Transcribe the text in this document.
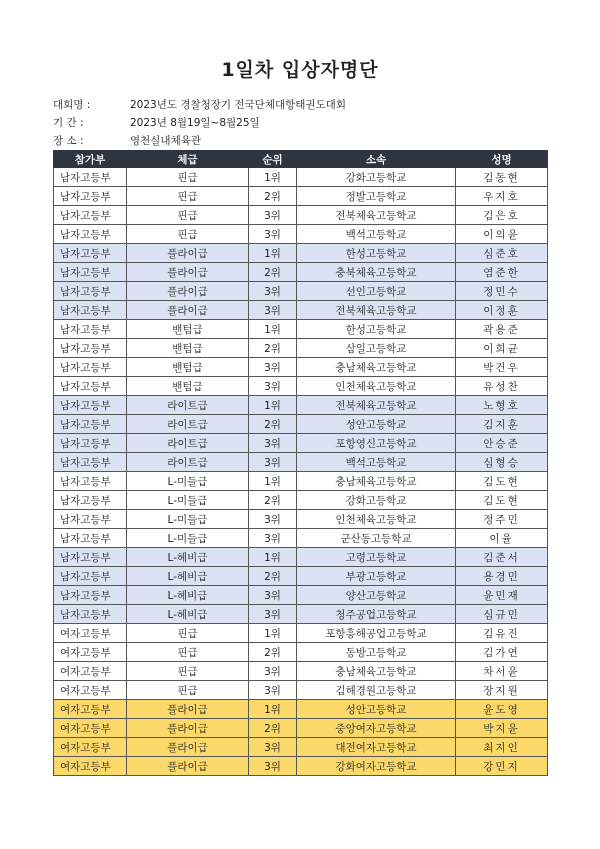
1일차 입상자명단
대회명 :	2023년도 경찰청장기 전국단체대항태권도대회
기 간 :	2023년 8월19일~8월25일
장 소 :	영천실내체육관
참가부	체급	순위	소속	성명
남자고등부	핀급	1위	강화고등학교	김동현
남자고등부	핀급	2위	정발고등학교	우지호
남자고등부	핀급	3위	전북체육고등학교	김은호
남자고등부	핀급	3위	백석고등학교	이의윤
남자고등부	플라이급	1위	한성고등학교	심준호
남자고등부	플라이급	2위	충북체육고등학교	염준한
남자고등부	플라이급	3위	선인고등학교	정민수
남자고등부	플라이급	3위	전북체육고등학교	이정훈
남자고등부	밴텀급	1위	한성고등학교	곽용준
남자고등부	밴텀급	2위	삼일고등학교	이희균
남자고등부	밴텀급	3위	충남체육고등학교	박건우
남자고등부	밴텀급	3위	인천체육고등학교	유성찬
남자고등부	라이트급	1위	전북체육고등학교	노형호
남자고등부	라이트급	2위	성안고등학교	김지훈
남자고등부	라이트급	3위	포항영신고등학교	안승준
남자고등부	라이트급	3위	백석고등학교	심형승
남자고등부	L-미들급	1위	충남체육고등학교	김도현
남자고등부	L-미들급	2위	강화고등학교	김도현
남자고등부	L-미들급	3위	인천체육고등학교	정주민
남자고등부	L-미들급	3위	군산동고등학교	이율
남자고등부	L-헤비급	1위	고령고등학교	김준서
남자고등부	L-헤비급	2위	부광고등학교	용경민
남자고등부	L-헤비급	3위	양산고등학교	윤민재
남자고등부	L-헤비급	3위	청주공업고등학교	심규민
여자고등부	핀급	1위	포항흥해공업고등학교	김유진
여자고등부	핀급	2위	동방고등학교	김가연
여자고등부	핀급	3위	충남체육고등학교	차서윤
여자고등부	핀급	3위	김해경원고등학교	장지원
여자고등부	플라이급	1위	성안고등학교	윤도영
여자고등부	플라이급	2위	중앙여자고등학교	박지윤
여자고등부	플라이급	3위	대전여자고등학교	최지인
여자고등부	플라이급	3위	강화여자고등학교	강민지
